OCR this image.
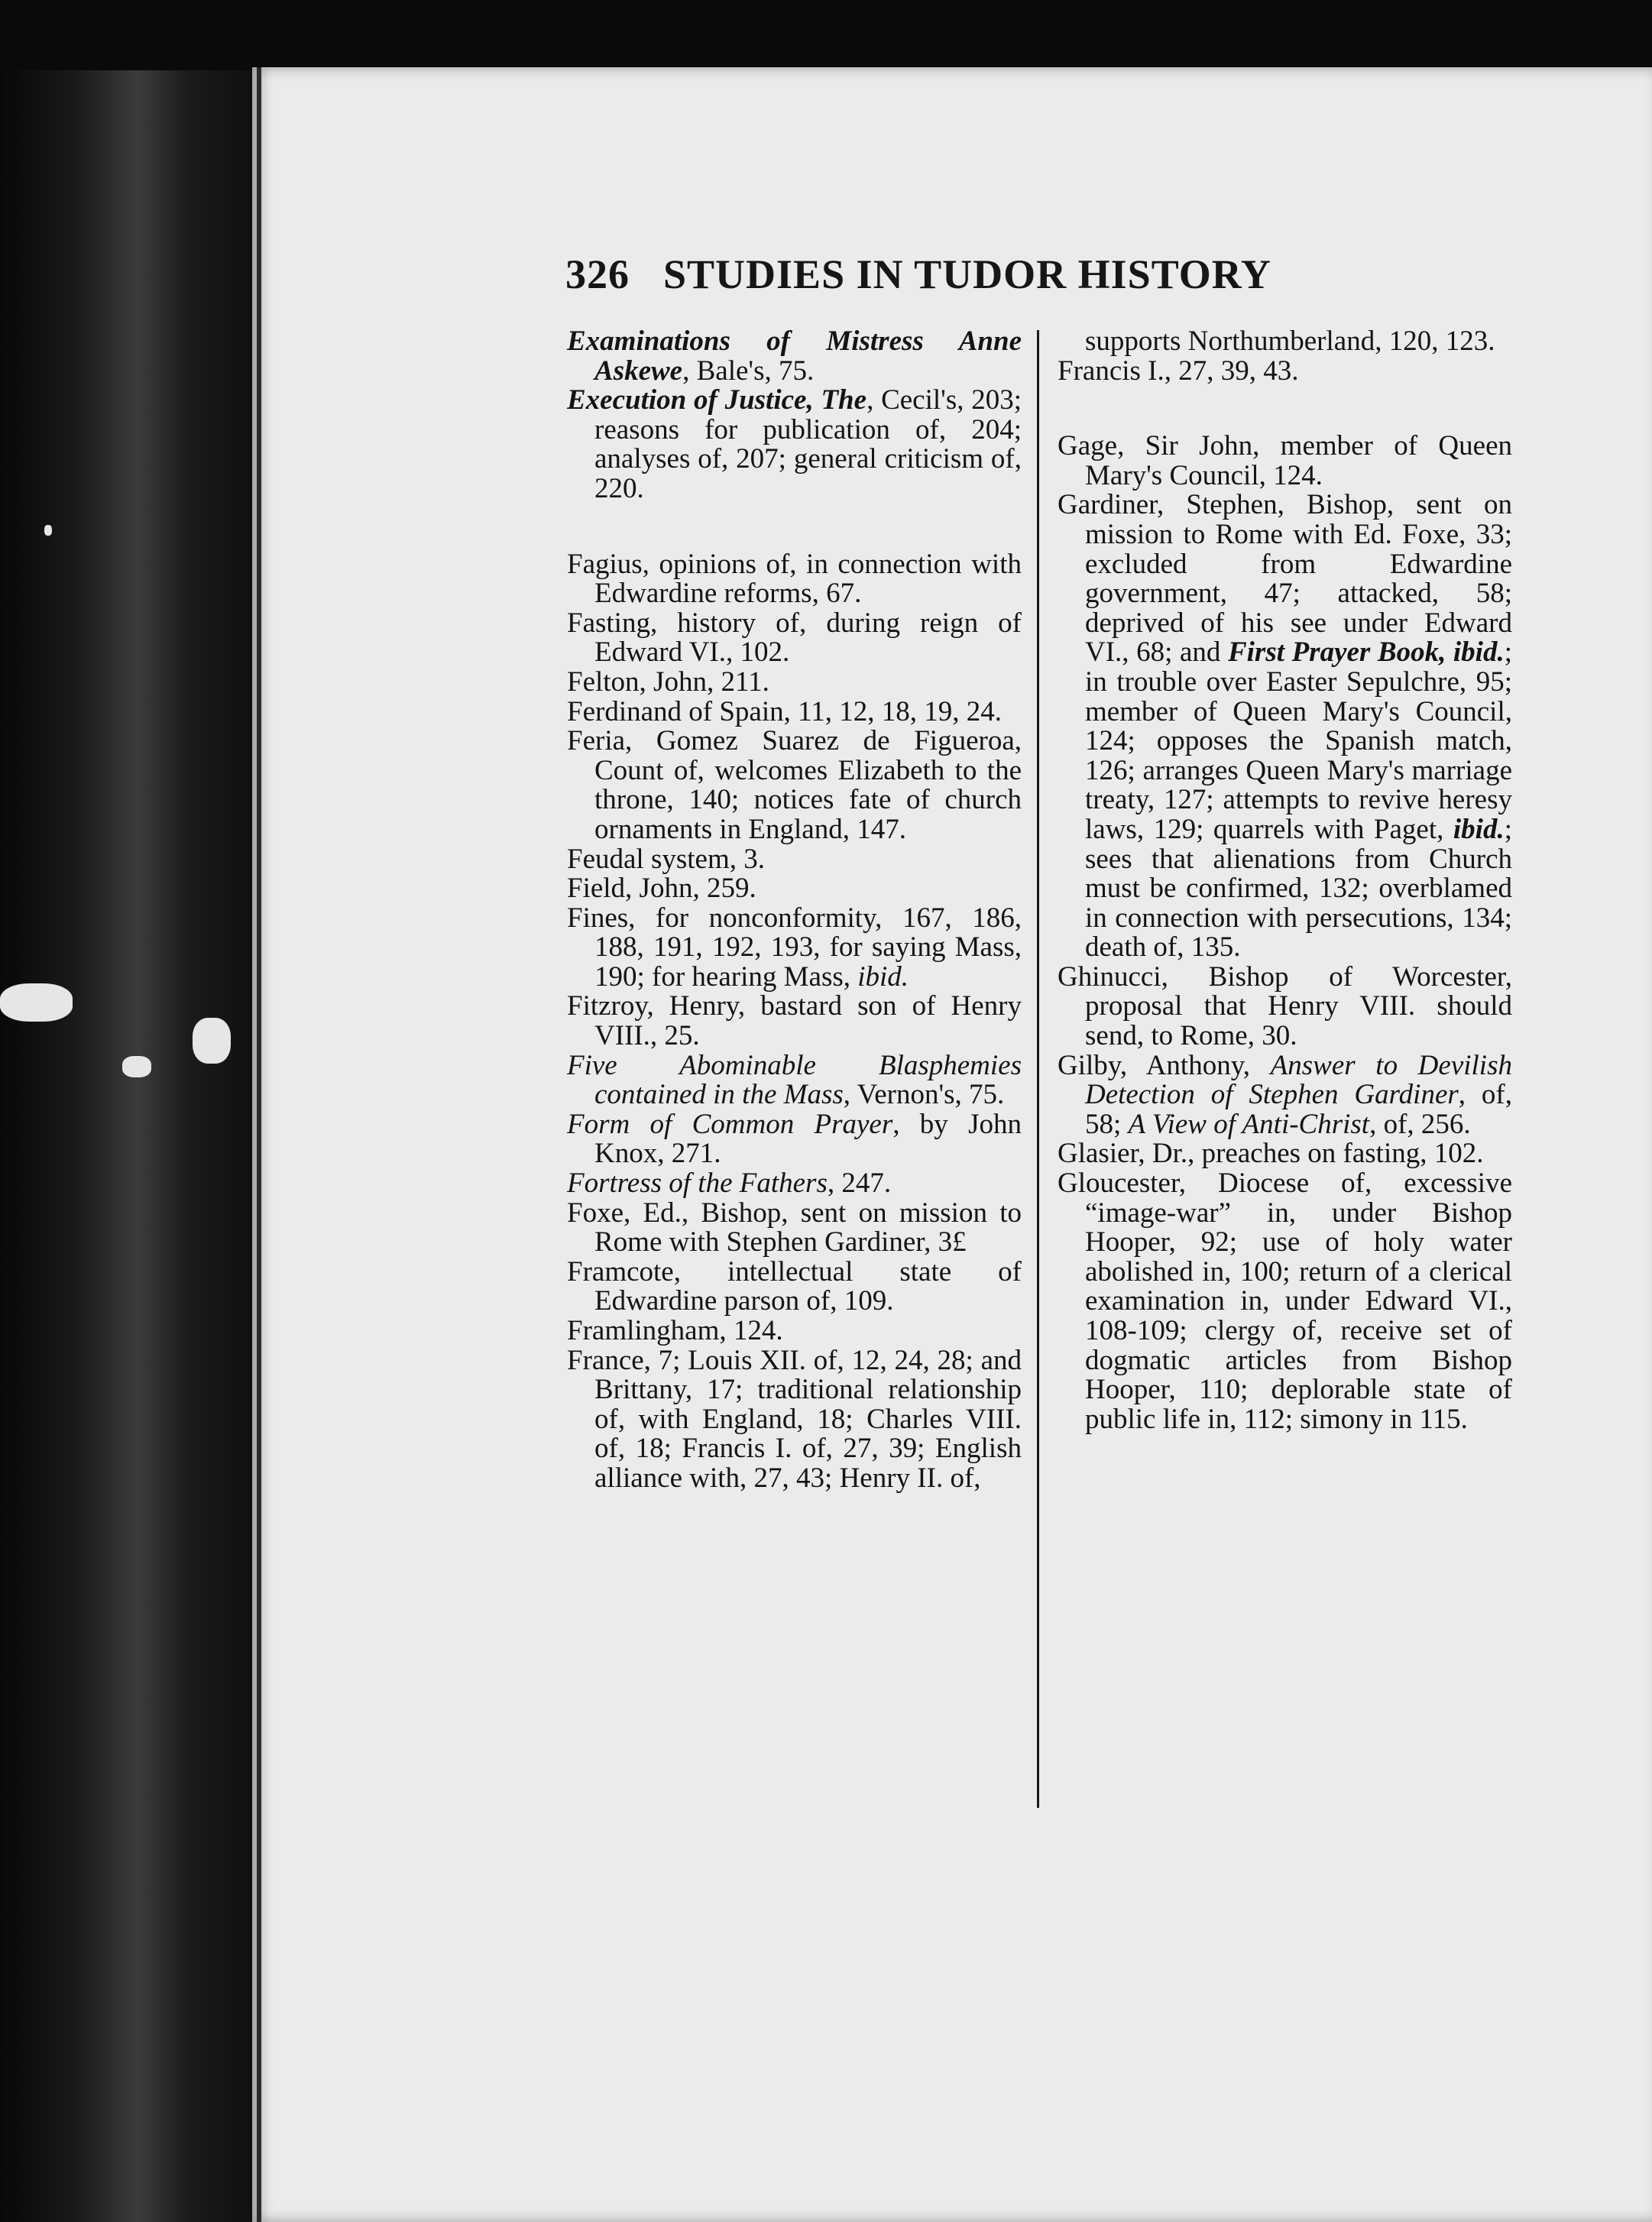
326 STUDIES IN TUDOR HISTORY

Examinations of Mistress Anne Askewe, Bale's, 75.

Execution of Justice, The, Cecil's, 203; reasons for publication of, 204; analyses of, 207; general criticism of, 220.

Fagius, opinions of, in connection with Edwardine reforms, 67.

Fasting, history of, during reign of Edward VI., 102.

Felton, John, 211.

Ferdinand of Spain, 11, 12, 18, 19, 24.

Feria, Gomez Suarez de Figueroa, Count of, welcomes Elizabeth to the throne, 140; notices fate of church ornaments in England, 147.

Feudal system, 3.

Field, John, 259.

Fines, for nonconformity, 167, 186, 188, 191, 192, 193, for saying Mass, 190; for hearing Mass, ibid.

Fitzroy, Henry, bastard son of Henry VIII., 25.

Five Abominable Blasphemies contained in the Mass, Vernon's, 75.

Form of Common Prayer, by John Knox, 271.

Fortress of the Fathers, 247.

Foxe, Ed., Bishop, sent on mission to Rome with Stephen Gardiner, 3£

Framcote, intellectual state of Edwardine parson of, 109.

Framlingham, 124.

France, 7; Louis XII. of, 12, 24, 28; and Brittany, 17; traditional relationship of, with England, 18; Charles VIII. of, 18; Francis I. of, 27, 39; English alliance with, 27, 43; Henry II. of,

supports Northumberland, 120, 123.

Francis I., 27, 39, 43.

Gage, Sir John, member of Queen Mary's Council, 124.

Gardiner, Stephen, Bishop, sent on mission to Rome with Ed. Foxe, 33; excluded from Edwardine government, 47; attacked, 58; deprived of his see under Edward VI., 68; and First Prayer Book, ibid.; in trouble over Easter Sepulchre, 95; member of Queen Mary's Council, 124; opposes the Spanish match, 126; arranges Queen Mary's marriage treaty, 127; attempts to revive heresy laws, 129; quarrels with Paget, ibid.; sees that alienations from Church must be confirmed, 132; overblamed in connection with persecutions, 134; death of, 135.

Ghinucci, Bishop of Worcester, proposal that Henry VIII. should send, to Rome, 30.

Gilby, Anthony, Answer to Devilish Detection of Stephen Gardiner, of, 58; A View of Anti-Christ, of, 256.

Glasier, Dr., preaches on fasting, 102.

Gloucester, Diocese of, excessive “image-war” in, under Bishop Hooper, 92; use of holy water abolished in, 100; return of a clerical examination in, under Edward VI., 108-109; clergy of, receive set of dogmatic articles from Bishop Hooper, 110; deplorable state of public life in, 112; simony in 115.
